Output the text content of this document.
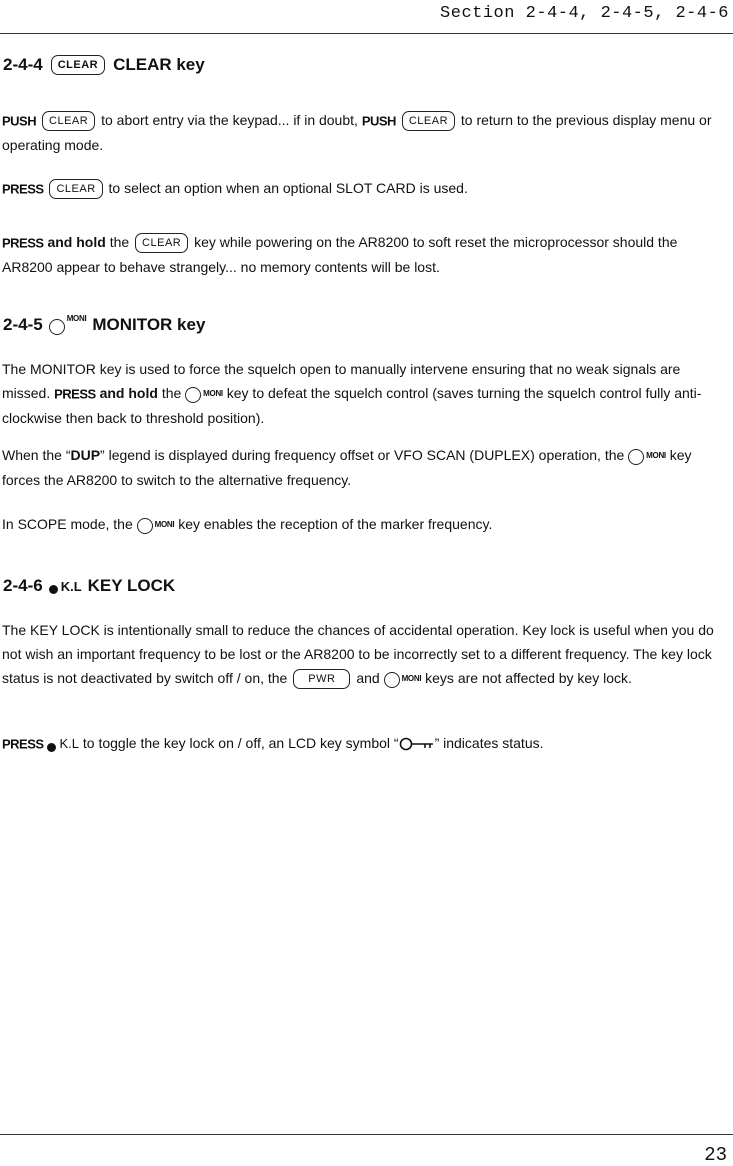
Section 2-4-4, 2-4-5, 2-4-6
2-4-4	CLEAR CLEAR key
PUSH CLEAR to abort entry via the keypad... if in doubt, PUSH CLEAR to return to the previous display menu or operating mode.
PRESS CLEAR to select an option when an optional SLOT CARD is used.
PRESS and hold the CLEAR key while powering on the AR8200 to soft reset the microprocessor should the AR8200 appear to behave strangely... no memory contents will be lost.
2-4-5	MONI MONITOR key
The MONITOR key is used to force the squelch open to manually intervene ensuring that no weak signals are missed. PRESS and hold the	MONI key to defeat the squelch control (saves turning the squelch control fully anti-clockwise then back to threshold position).
When the “DUP” legend is displayed during frequency offset or VFO SCAN (DUPLEX) operation, the	MONI key forces the AR8200 to switch to the alternative frequency.
In SCOPE mode, the	MONI key enables the reception of the marker frequency.
2-4-6 K.L KEY LOCK
The KEY LOCK is intentionally small to reduce the chances of accidental operation. Key lock is useful when you do not wish an important frequency to be lost or the AR8200 to be incorrectly set to a different frequency. The key lock status is not deactivated by switch off / on, the PWR and	MONI keys are not affected by key lock.
PRESS K.L to toggle the key lock on / off, an LCD key symbol “	” indicates status.
23
